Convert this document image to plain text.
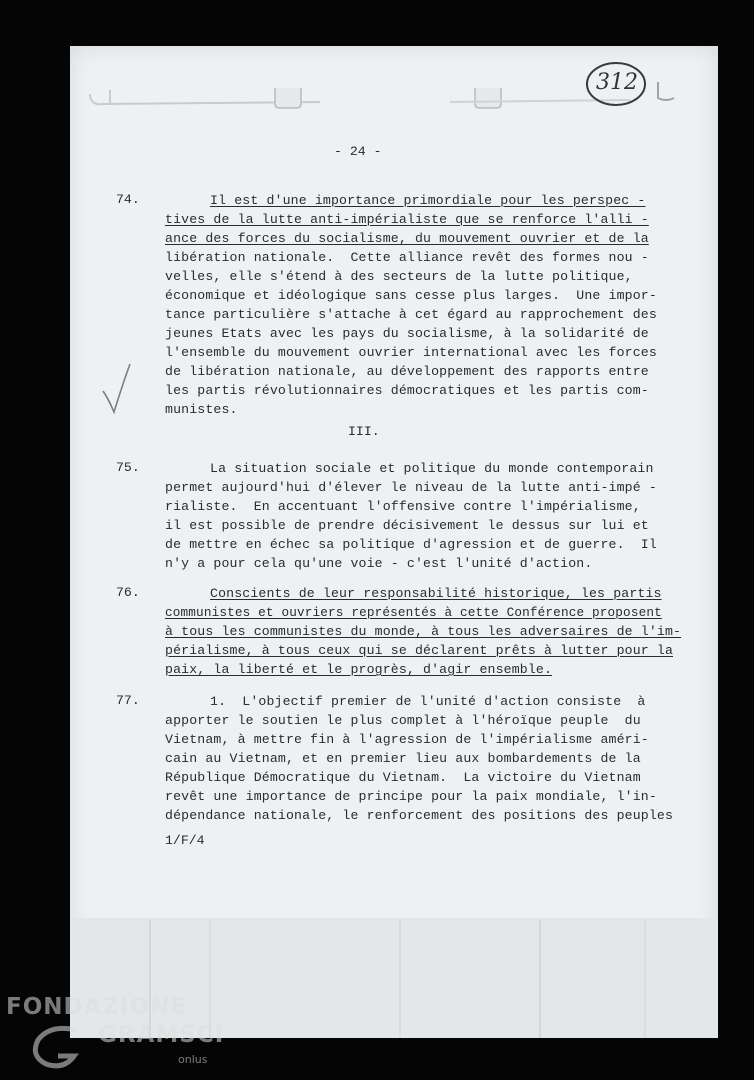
312
- 24 -
74.	Il est d'une importance primordiale pour les perspec -
tives de la lutte anti-impérialiste que se renforce l'alli -
ance des forces du socialisme, du mouvement ouvrier et de la
libération nationale.  Cette alliance revêt des formes nou -
velles, elle s'étend à des secteurs de la lutte politique,
économique et idéologique sans cesse plus larges.  Une impor-
tance particulière s'attache à cet égard au rapprochement des
jeunes Etats avec les pays du socialisme, à la solidarité de
l'ensemble du mouvement ouvrier international avec les forces
de libération nationale, au développement des rapports entre
les partis révolutionnaires démocratiques et les partis com-
munistes.
III.
75.	La situation sociale et politique du monde contemporain
permet aujourd'hui d'élever le niveau de la lutte anti-impé -
rialiste.  En accentuant l'offensive contre l'impérialisme,
il est possible de prendre décisivement le dessus sur lui et
de mettre en échec sa politique d'agression et de guerre.  Il
n'y a pour cela qu'une voie - c'est l'unité d'action.
76.	Conscients de leur responsabilité historique, les partis
communistes et ouvriers représentés à cette Conférence proposent
à tous les communistes du monde, à tous les adversaires de l'im-
périalisme, à tous ceux qui se déclarent prêts à lutter pour la
paix, la liberté et le progrès, d'agir ensemble.
77.	1.  L'objectif premier de l'unité d'action consiste  à
apporter le soutien le plus complet à l'héroïque peuple  du
Vietnam, à mettre fin à l'agression de l'impérialisme améri-
cain au Vietnam, et en premier lieu aux bombardements de la
République Démocratique du Vietnam.  La victoire du Vietnam
revêt une importance de principe pour la paix mondiale, l'in-
dépendance nationale, le renforcement des positions des peuples
1/F/4
FONDAZIONE
GRAMSCI
onlus
